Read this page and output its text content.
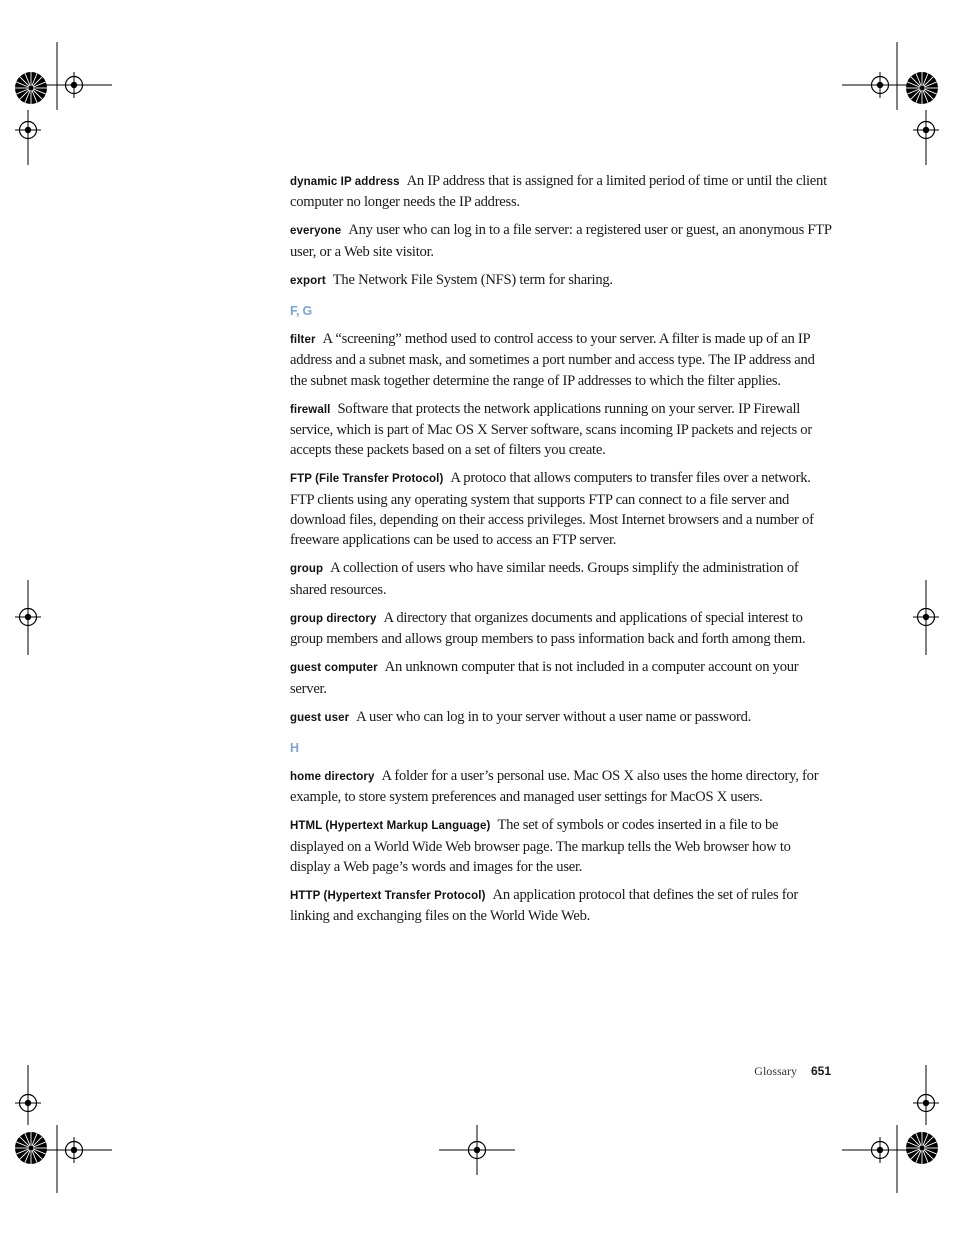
dynamic IP address An IP address that is assigned for a limited period of time or until the client computer no longer needs the IP address.
everyone Any user who can log in to a file server: a registered user or guest, an anonymous FTP user, or a Web site visitor.
export The Network File System (NFS) term for sharing.
F, G
filter A “screening” method used to control access to your server. A filter is made up of an IP address and a subnet mask, and sometimes a port number and access type. The IP address and the subnet mask together determine the range of IP addresses to which the filter applies.
firewall Software that protects the network applications running on your server. IP Firewall service, which is part of Mac OS X Server software, scans incoming IP packets and rejects or accepts these packets based on a set of filters you create.
FTP (File Transfer Protocol) A protoco that allows computers to transfer files over a network. FTP clients using any operating system that supports FTP can connect to a file server and download files, depending on their access privileges. Most Internet browsers and a number of freeware applications can be used to access an FTP server.
group A collection of users who have similar needs. Groups simplify the administration of shared resources.
group directory A directory that organizes documents and applications of special interest to group members and allows group members to pass information back and forth among them.
guest computer An unknown computer that is not included in a computer account on your server.
guest user A user who can log in to your server without a user name or password.
H
home directory A folder for a user’s personal use. Mac OS X also uses the home directory, for example, to store system preferences and managed user settings for MacOS X users.
HTML (Hypertext Markup Language) The set of symbols or codes inserted in a file to be displayed on a World Wide Web browser page. The markup tells the Web browser how to display a Web page’s words and images for the user.
HTTP (Hypertext Transfer Protocol) An application protocol that defines the set of rules for linking and exchanging files on the World Wide Web.
Glossary 651
